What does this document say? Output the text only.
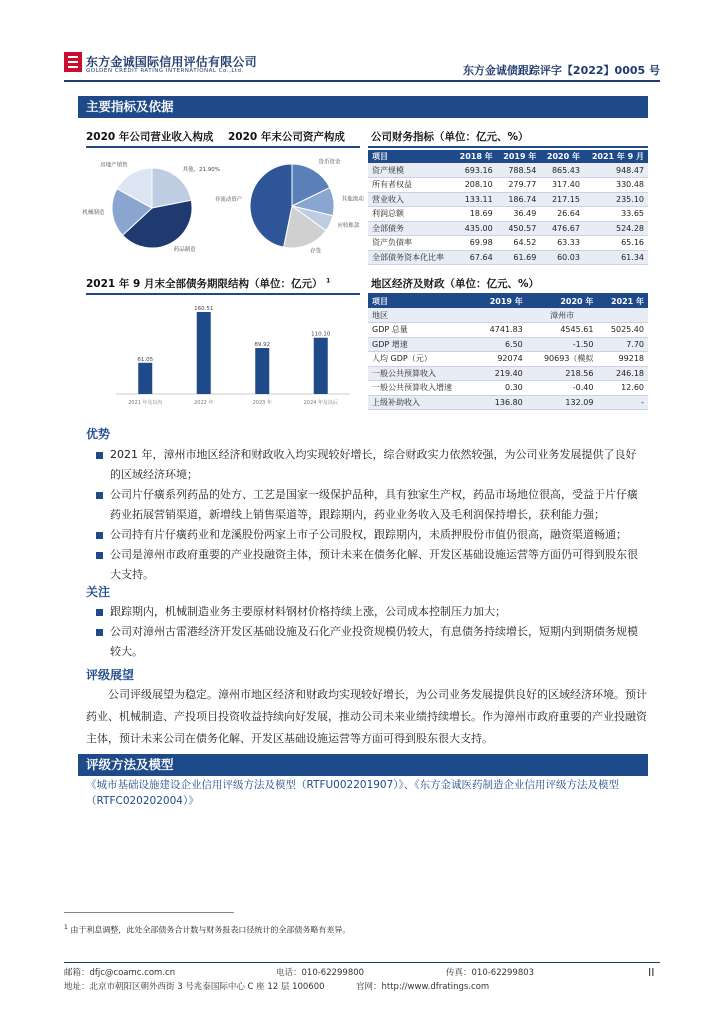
东方金诚国际信用评估有限公司
GOLDEN CREDIT RATING INTERNATIONAL Co.,Ltd.	东方金诚债跟踪评字【2022】0005 号
主要指标及依据
2020 年公司营业收入构成 2020 年末公司资产构成
其他，21.90%
药品制造
机械制造
房地产销售
货币资金
其他流动
应收账款
存货
非流动资产
公司财务指标（单位：亿元、%）
项目	2018 年	2019 年	2020 年	2021 年 9 月
资产规模	693.16	788.54	865.43	948.47
所有者权益	208.10	279.77	317.40	330.48
营业收入	133.11	186.74	217.15	235.10
利润总额	18.69	36.49	26.64	33.65
全部债务	435.00	450.57	476.67	524.28
资产负债率	69.98	64.52	63.33	65.16
全部债务资本化比率	67.64	61.69	60.03	61.34
2021 年 9 月末全部债务期限结构（单位：亿元） $^1$
61.05
2021 年及以内
160.51
2022 年
89.92
2023 年
110.10
2024 年及以后
地区经济及财政（单位：亿元、%）
项目	2019 年	2020 年	2021 年
地区	漳州市		
GDP 总量	4741.83	4545.61	5025.40
GDP 增速	6.50	-1.50	7.70
人均 GDP（元）	92074	90693（模拟	99218
一般公共预算收入	219.40	218.56	246.18
一般公共预算收入增速	0.30	-0.40	12.60
上级补助收入	136.80	132.09	-
优势
2021 年，漳州市地区经济和财政收入均实现较好增长，综合财政实力依然较强，为公司业务发展提供了良好的区域经济环境；
公司片仔癀系列药品的处方、工艺是国家一级保护品种，具有独家生产权，药品市场地位很高，受益于片仔癀药业拓展营销渠道，新增线上销售渠道等，跟踪期内，药业业务收入及毛利润保持增长，获利能力强；
公司持有片仔癀药业和龙溪股份两家上市子公司股权，跟踪期内，未质押股份市值仍很高，融资渠道畅通；
公司是漳州市政府重要的产业投融资主体，预计未来在债务化解、开发区基础设施运营等方面仍可得到股东很大支持。
关注
跟踪期内，机械制造业务主要原材料钢材价格持续上涨，公司成本控制压力加大；
公司对漳州古雷港经济开发区基础设施及石化产业投资规模仍较大，有息债务持续增长，短期内到期债务规模较大。
评级展望
公司评级展望为稳定。漳州市地区经济和财政均实现较好增长，为公司业务发展提供良好的区域经济环境。预计药业、机械制造、产投项目投资收益持续向好发展，推动公司未来业绩持续增长。作为漳州市政府重要的产业投融资主体，预计未来公司在债务化解、开发区基础设施运营等方面可得到股东很大支持。
评级方法及模型
《城市基础设施建设企业信用评级方法及模型（RTFU002201907）》、《东方金诚医药制造企业信用评级方法及模型（RTFC020202004）》
$^1$ 由于利息调整，此处全部债务合计数与财务报表口径统计的全部债务略有差异。
邮箱：dfjc@coamc.com.cn	电话：010-62299800	传真：010-62299803
地址：北京市朝阳区朝外西街 3 号兆泰国际中心 C 座 12 层 100600	官网：http://www.dfratings.com
II
